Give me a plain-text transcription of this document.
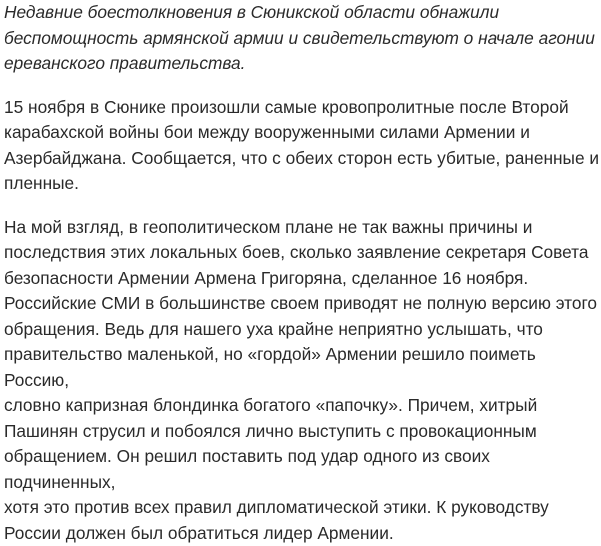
Недавние боестолкновения в Сюникской области обнажили
беспомощность армянской армии и свидетельствуют о начале агонии
ереванского правительства.

15 ноября в Сюнике произошли самые кровопролитные после Второй
карабахской войны бои между вооруженными силами Армении и
Азербайджана. Сообщается, что с обеих сторон есть убитые, раненные и
пленные.

На мой взгляд, в геополитическом плане не так важны причины и
последствия этих локальных боев, сколько заявление секретаря Совета
безопасности Армении Армена Григоряна, сделанное 16 ноября.
Российские СМИ в большинстве своем приводят не полную версию этого
обращения. Ведь для нашего уха крайне неприятно услышать, что
правительство маленькой, но «гордой» Армении решило поиметь Россию,
словно капризная блондинка богатого «папочку». Причем, хитрый
Пашинян струсил и побоялся лично выступить с провокационным
обращением. Он решил поставить под удар одного из своих подчиненных,
хотя это против всех правил дипломатической этики. К руководству
России должен был обратиться лидер Армении.
